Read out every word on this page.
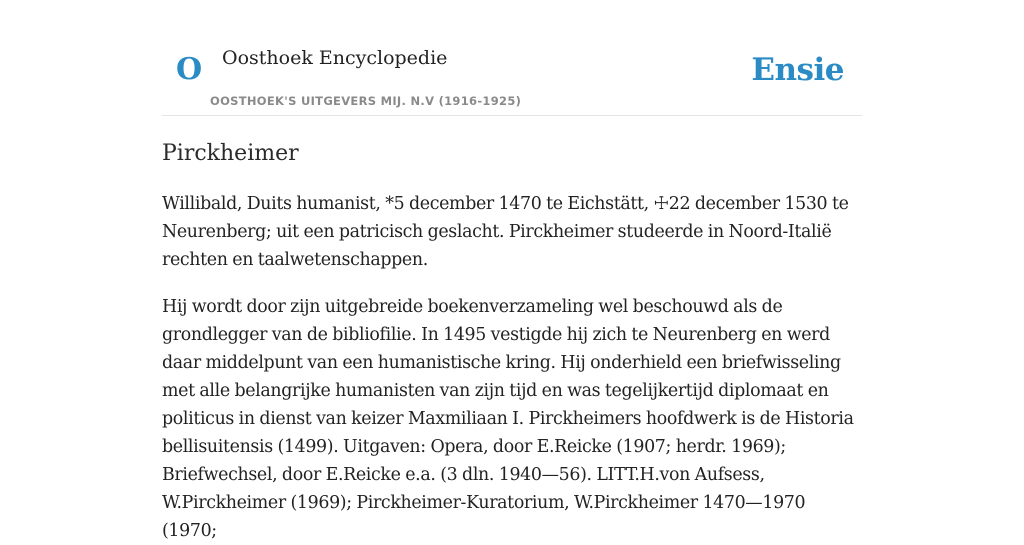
O Oosthoek Encyclopedie
OOSTHOEK'S UITGEVERS MIJ. N.V (1916-1925)
Ensie
Pirckheimer

Willibald, Duits humanist, *5 december 1470 te Eichstätt, ☩22 december 1530 te Neurenberg; uit een patricisch geslacht. Pirckheimer studeerde in Noord-Italië rechten en taalwetenschappen.

Hij wordt door zijn uitgebreide boekenverzameling wel beschouwd als de grondlegger van de bibliofilie. In 1495 vestigde hij zich te Neurenberg en werd daar middelpunt van een humanistische kring. Hij onderhield een briefwisseling met alle belangrijke humanisten van zijn tijd en was tegelijkertijd diplomaat en politicus in dienst van keizer Maxmiliaan I. Pirckheimers hoofdwerk is de Historia bellisuitensis (1499). Uitgaven: Opera, door E.Reicke (1907; herdr. 1969); Briefwechsel, door E.Reicke e.a. (3 dln. 1940—56). LITT.H.von Aufsess, W.Pirckheimer (1969); Pirckheimer-Kuratorium, W.Pirckheimer 1470—1970 (1970;
